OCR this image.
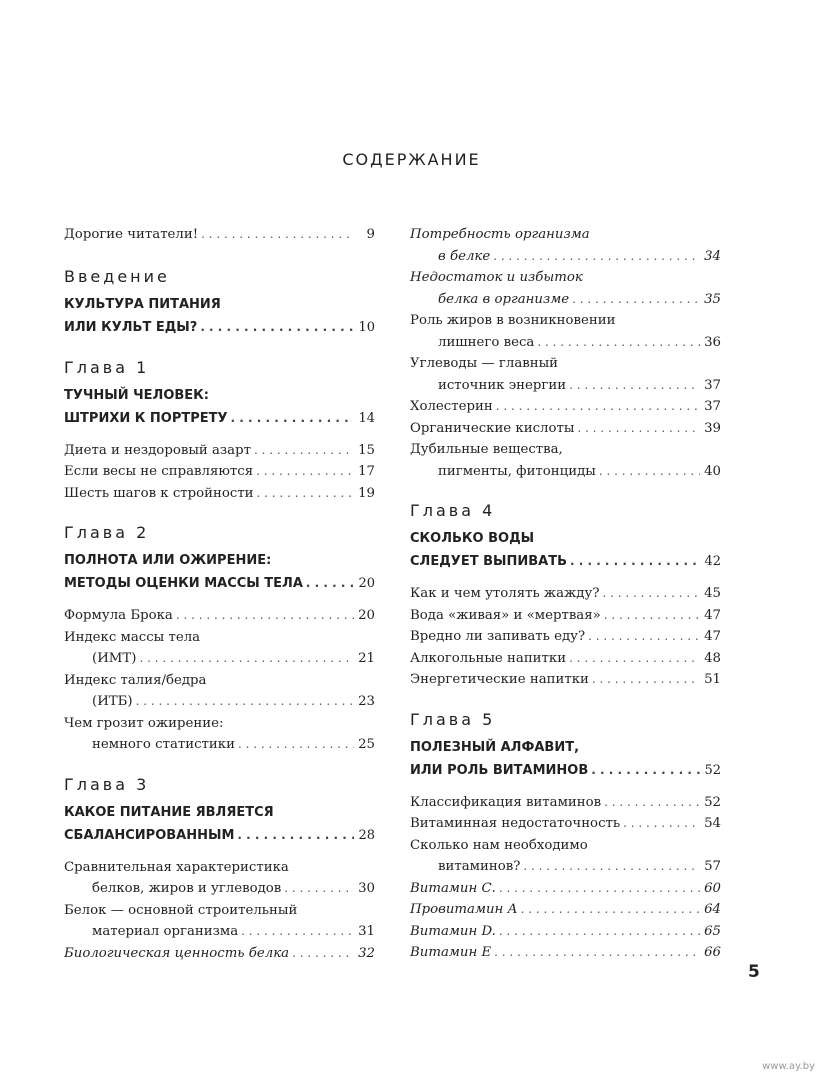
СОДЕРЖАНИЕ
Дорогие читатели! . . .	9
Введение
КУЛЬТУРА ПИТАНИЯ
ИЛИ КУЛЬТ ЕДЫ? . . .	10
Глава 1
ТУЧНЫЙ ЧЕЛОВЕК:
ШТРИХИ К ПОРТРЕТУ . . .	14
Диета и нездоровый азарт . . .	15
Если весы не справляются . . .	17
Шесть шагов к стройности . . .	19
Глава 2
ПОЛНОТА ИЛИ ОЖИРЕНИЕ:
МЕТОДЫ ОЦЕНКИ МАССЫ ТЕЛА . . .	20
Формула Брока . . .	20
Индекс массы тела
(ИМТ) . . .	21
Индекс талия/бедра
(ИТБ) . . .	23
Чем грозит ожирение:
немного статистики . . .	25
Глава 3
КАКОЕ ПИТАНИЕ ЯВЛЯЕТСЯ
СБАЛАНСИРОВАННЫМ . . .	28
Сравнительная характеристика
белков, жиров и углеводов . . .	30
Белок — основной строительный
материал организма . . .	31
Биологическая ценность белка . . .	32
Потребность организма
в белке . . .	34
Недостаток и избыток
белка в организме . . .	35
Роль жиров в возникновении
лишнего веса . . .	36
Углеводы — главный
источник энергии . . .	37
Холестерин . . .	37
Органические кислоты . . .	39
Дубильные вещества,
пигменты, фитонциды . . .	40
Глава 4
СКОЛЬКО ВОДЫ
СЛЕДУЕТ ВЫПИВАТЬ . . .	42
Как и чем утолять жажду? . . .	45
Вода «живая» и «мертвая» . . .	47
Вредно ли запивать еду? . . .	47
Алкогольные напитки . . .	48
Энергетические напитки . . .	51
Глава 5
ПОЛЕЗНЫЙ АЛФАВИТ,
ИЛИ РОЛЬ ВИТАМИНОВ . . .	52
Классификация витаминов . . .	52
Витаминная недостаточность . . .	54
Сколько нам необходимо
витаминов? . . .	57
Витамин С. . . .	60
Провитамин А . . .	64
Витамин D. . . .	65
Витамин Е . . .	66
5
www.ay.by
